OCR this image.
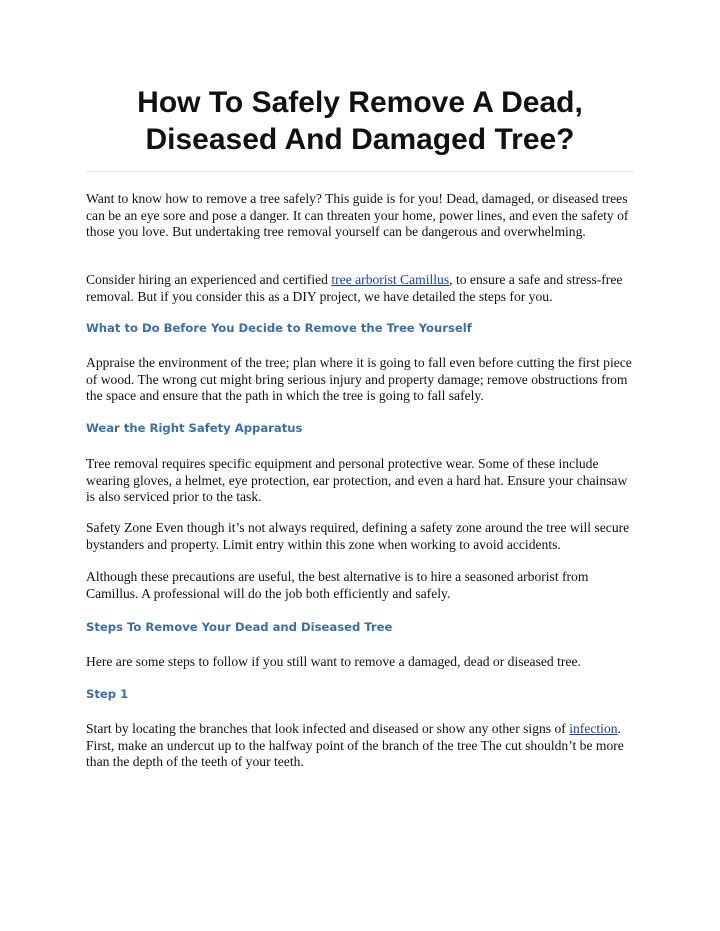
How To Safely Remove A Dead,
Diseased And Damaged Tree?

Want to know how to remove a tree safely? This guide is for you! Dead, damaged, or diseased trees can be an eye sore and pose a danger. It can threaten your home, power lines, and even the safety of those you love. But undertaking tree removal yourself can be dangerous and overwhelming.

Consider hiring an experienced and certified tree arborist Camillus, to ensure a safe and stress-free removal. But if you consider this as a DIY project, we have detailed the steps for you.

What to Do Before You Decide to Remove the Tree Yourself

Appraise the environment of the tree; plan where it is going to fall even before cutting the first piece of wood. The wrong cut might bring serious injury and property damage; remove obstructions from the space and ensure that the path in which the tree is going to fall safely.

Wear the Right Safety Apparatus

Tree removal requires specific equipment and personal protective wear. Some of these include wearing gloves, a helmet, eye protection, ear protection, and even a hard hat. Ensure your chainsaw is also serviced prior to the task.

Safety Zone Even though it’s not always required, defining a safety zone around the tree will secure bystanders and property. Limit entry within this zone when working to avoid accidents.

Although these precautions are useful, the best alternative is to hire a seasoned arborist from Camillus. A professional will do the job both efficiently and safely.

Steps To Remove Your Dead and Diseased Tree

Here are some steps to follow if you still want to remove a damaged, dead or diseased tree.

Step 1

Start by locating the branches that look infected and diseased or show any other signs of infection. First, make an undercut up to the halfway point of the branch of the tree The cut shouldn’t be more than the depth of the teeth of your teeth.
